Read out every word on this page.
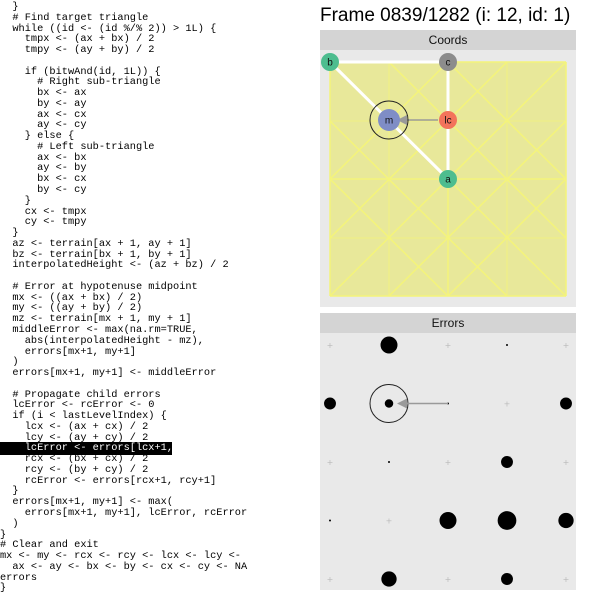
}
# Find target triangle
while ((id <- (id %/% 2)) > 1L) {
tmpx <- (ax + bx) / 2
tmpy <- (ay + by) / 2
if (bitwAnd(id, 1L)) {
# Right sub-triangle
bx <- ax
by <- ay
ax <- cx
ay <- cy
} else {
# Left sub-triangle
ax <- bx
ay <- by
bx <- cx
by <- cy
}
cx <- tmpx
cy <- tmpy
}
az <- terrain[ax + 1, ay + 1]
bz <- terrain[bx + 1, by + 1]
interpolatedHeight <- (az + bz) / 2
# Error at hypotenuse midpoint
mx <- ((ax + bx) / 2)
my <- ((ay + by) / 2)
mz <- terrain[mx + 1, my + 1]
middleError <- max(na.rm=TRUE,
abs(interpolatedHeight - mz),
errors[mx+1, my+1]
)
errors[mx+1, my+1] <- middleError
# Propagate child errors
lcError <- rcError <- 0
if (i < lastLevelIndex) {
lcx <- (ax + cx) / 2
lcy <- (ay + cy) / 2
lcError <- errors[lcx+1, lcy+1]
rcx <- (bx + cx) / 2
rcy <- (by + cy) / 2
rcError <- errors[rcx+1, rcy+1]
}
errors[mx+1, my+1] <- max(
errors[mx+1, my+1], lcError, rcError
)
}
# Clear and exit
mx <- my <- rcx <- rcy <- lcx <- lcy <-
ax <- ay <- bx <- by <- cx <- cy <- NA
errors
}
Frame 0839/1282 (i: 12, id: 1)
Coords
b	c
m	lc
a
Errors
+	+	+
+
+	+	+
+
+	+	+
